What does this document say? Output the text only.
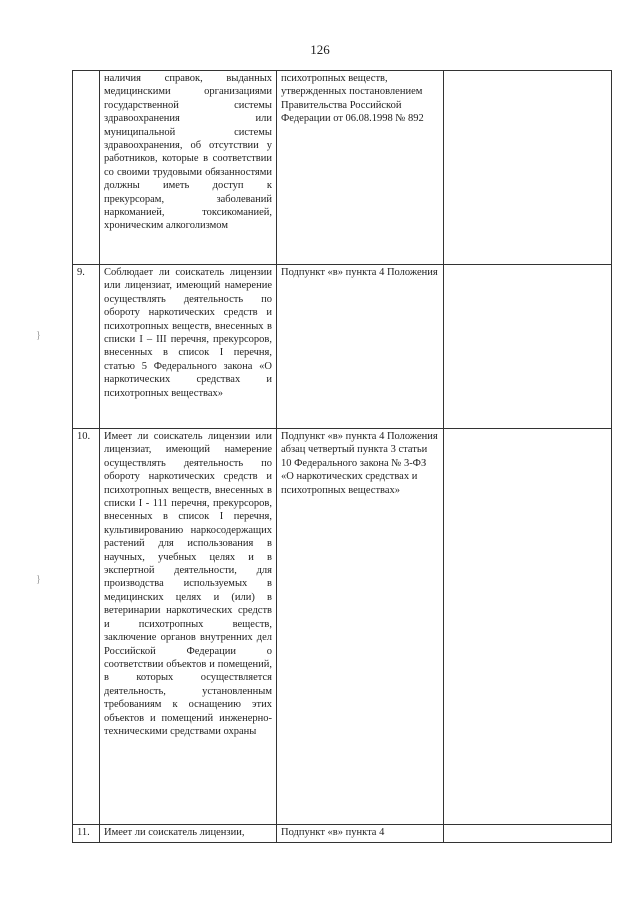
126
}
}
	наличия справок, выданных медицинскими организациями государственной системы здравоохранения или муниципальной системы здравоохранения, об отсутствии у работников, которые в соответствии со своими трудовыми обязанностями должны иметь доступ к прекурсорам, заболеваний наркоманией, токсикоманией, хроническим алкоголизмом	психотропных веществ, утвержденных постановлением Правительства Российской Федерации от 06.08.1998 № 892	
9.	Соблюдает ли соискатель лицензии или лицензиат, имеющий намерение осуществлять деятельность по обороту наркотических средств и психотропных веществ, внесенных в списки I – III перечня, прекурсоров, внесенных в список I перечня, статью 5 Федерального закона «О наркотических средствах и психотропных веществах»	Подпункт «в» пункта 4 Положения	
10.	Имеет ли соискатель лицензии или лицензиат, имеющий намерение осуществлять деятельность по обороту наркотических средств и психотропных веществ, внесенных в списки I - 111 перечня, прекурсоров, внесенных в список I перечня, культивированию наркосодержащих растений для использования в научных, учебных целях и в экспертной деятельности, для производства используемых в медицинских целях и (или) в ветеринарии наркотических средств и психотропных веществ, заключение органов внутренних дел Российской Федерации о соответствии объектов и помещений, в которых осуществляется деятельность, установленным требованиям к оснащению этих объектов и помещений инженерно- техническими средствами охраны	Подпункт «в» пункта 4 Положения абзац четвертый пункта 3 статьи 10 Федерального закона № 3-ФЗ «О наркотических средствах и психотропных веществах»	
11.	Имеет ли соискатель лицензии,	Подпункт «в» пункта 4	
